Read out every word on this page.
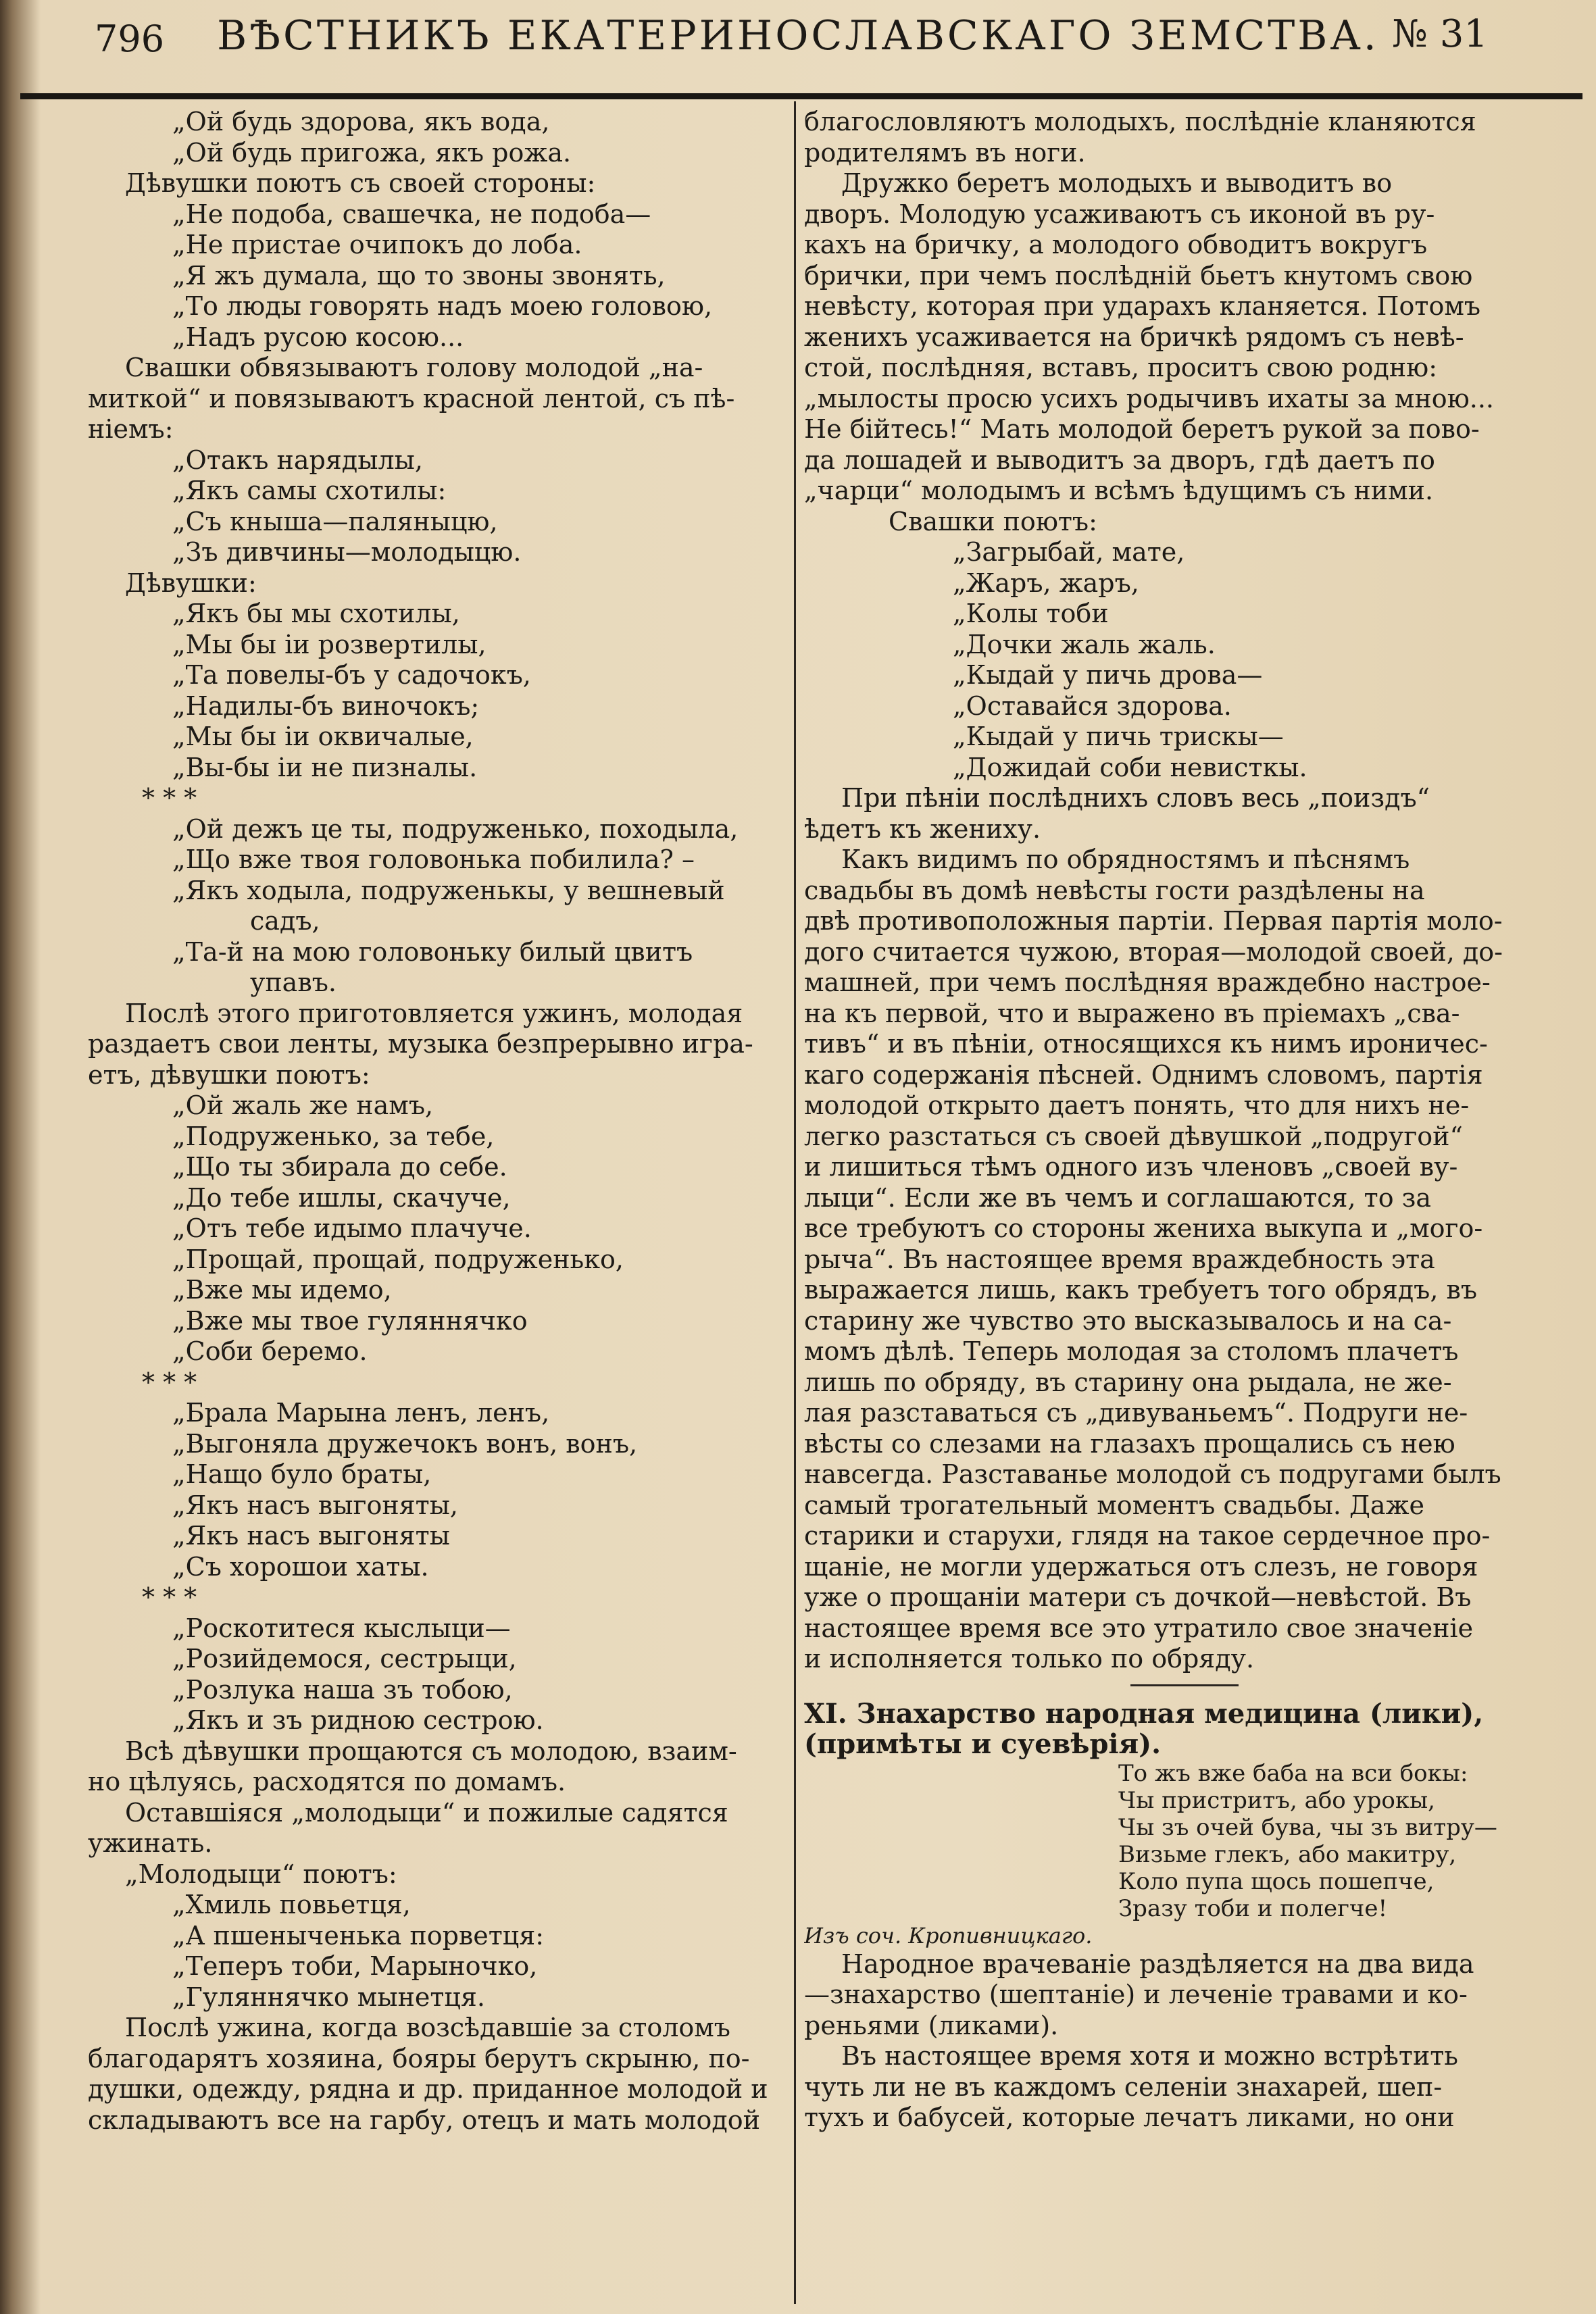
796	ВѢСТНИКЪ ЕКАТЕРИНОСЛАВСКАГО ЗЕМСТВА. № 31

„Ой будь здорова, якъ вода,

„Ой будь пригожа, якъ рожа.

Дѣвушки поютъ съ своей стороны:

„Не подоба, свашечка, не подоба—

„Не пристае очипокъ до лоба.

„Я жъ думала, що то звоны звонять,

„То люды говорять надъ моею головою,

„Надъ русою косою...

Свашки обвязываютъ голову молодой „на-

миткой“ и повязываютъ красной лентой, съ пѣ-

ніемъ:

„Отакъ нарядылы,

„Якъ самы схотилы:

„Съ кныша—паляныцю,

„Зъ дивчины—молодыцю.

Дѣвушки:

„Якъ бы мы схотилы,

„Мы бы іи розвертилы,

„Та повелы-бъ у садочокъ,

„Надилы-бъ виночокъ;

„Мы бы іи оквичалые,

„Вы-бы іи не пизналы.

* * *

„Ой дежъ це ты, подруженько, походыла,

„Що вже твоя головонька побилила? –

„Якъ ходыла, подруженькы, у вешневый

садъ,

„Та-й на мою головоньку билый цвитъ

упавъ.

Послѣ этого приготовляется ужинъ, молодая

раздаетъ свои ленты, музыка безпрерывно игра-

етъ, дѣвушки поютъ:

„Ой жаль же намъ,

„Подруженько, за тебе,

„Що ты збирала до себе.

„До тебе ишлы, скачуче,

„Отъ тебе идымо плачуче.

„Прощай, прощай, подруженько,

„Вже мы идемо,

„Вже мы твое гуляннячко

„Соби беремо.

* * *

„Брала Марына ленъ, ленъ,

„Выгоняла дружечокъ вонъ, вонъ,

„Нащо було браты,

„Якъ насъ выгоняты,

„Якъ насъ выгоняты

„Съ хорошои хаты.

* * *

„Роскотитеся кыслыци—

„Розийдемося, сестрыци,

„Розлука наша зъ тобою,

„Якъ и зъ ридною сестрою.

Всѣ дѣвушки прощаются съ молодою, взаим-

но цѣлуясь, расходятся по домамъ.

Оставшіяся „молодыци“ и пожилые садятся

ужинать.

„Молодыци“ поютъ:

„Хмиль повьетця,

„А пшеныченька порветця:

„Теперъ тоби, Марыночко,

„Гуляннячко мынетця.

Послѣ ужина, когда возсѣдавшіе за столомъ

благодарятъ хозяина, бояры берутъ скрыню, по-

душки, одежду, рядна и др. приданное молодой и

складываютъ все на гарбу, отецъ и мать молодой

благословляютъ молодыхъ, послѣдніе кланяются

родителямъ въ ноги.

Дружко беретъ молодыхъ и выводитъ во

дворъ. Молодую усаживаютъ съ иконой въ ру-

кахъ на бричку, а молодого обводитъ вокругъ

брички, при чемъ послѣдній бьетъ кнутомъ свою

невѣсту, которая при ударахъ кланяется. Потомъ

женихъ усаживается на бричкѣ рядомъ съ невѣ-

стой, послѣдняя, вставъ, проситъ свою родню:

„мылосты просю усихъ родычивъ ихаты за мною...

Не бійтесь!“ Мать молодой беретъ рукой за пово-

да лошадей и выводитъ за дворъ, гдѣ даетъ по

„чарци“ молодымъ и всѣмъ ѣдущимъ съ ними.

Свашки поютъ:

„Загрыбай, мате,

„Жаръ, жаръ,

„Колы тоби

„Дочки жаль жаль.

„Кыдай у пичь дрова—

„Оставайся здорова.

„Кыдай у пичь трискы—

„Дожидай соби невисткы.

При пѣніи послѣднихъ словъ весь „поиздъ“

ѣдетъ къ жениху.

Какъ видимъ по обрядностямъ и пѣснямъ

свадьбы въ домѣ невѣсты гости раздѣлены на

двѣ противоположныя партіи. Первая партія моло-

дого считается чужою, вторая—молодой своей, до-

машней, при чемъ послѣдняя враждебно настрое-

на къ первой, что и выражено въ пріемахъ „сва-

тивъ“ и въ пѣніи, относящихся къ нимъ ироничес-

каго содержанія пѣсней. Однимъ словомъ, партія

молодой открыто даетъ понять, что для нихъ не-

легко разстаться съ своей дѣвушкой „подругой“

и лишиться тѣмъ одного изъ членовъ „своей ву-

лыци“. Если же въ чемъ и соглашаются, то за

все требуютъ со стороны жениха выкупа и „мого-

рыча“. Въ настоящее время враждебность эта

выражается лишь, какъ требуетъ того обрядъ, въ

старину же чувство это высказывалось и на са-

момъ дѣлѣ. Теперь молодая за столомъ плачетъ

лишь по обряду, въ старину она рыдала, не же-

лая разставаться съ „дивуваньемъ“. Подруги не-

вѣсты со слезами на глазахъ прощались съ нею

навсегда. Разставанье молодой съ подругами былъ

самый трогательный моментъ свадьбы. Даже

старики и старухи, глядя на такое сердечное про-

щаніе, не могли удержаться отъ слезъ, не говоря

уже о прощаніи матери съ дочкой—невѣстой. Въ

настоящее время все это утратило свое значеніе

и исполняется только по обряду.

XI. Знахарство народная медицина (лики),

(примѣты и суевѣрія).

То жъ вже баба на вси бокы:

Чы пристритъ, або урокы,

Чы зъ очей бува, чы зъ витру—

Визьме глекъ, або макитру,

Коло пупа щось пошепче,

Зразу тоби и полегче!

Изъ соч. Кропивницкаго.

Народное врачеваніе раздѣляется на два вида

—знахарство (шептаніе) и леченіе травами и ко-

реньями (ликами).

Въ настоящее время хотя и можно встрѣтить

чуть ли не въ каждомъ селеніи знахарей, шеп-

тухъ и бабусей, которые лечатъ ликами, но они
